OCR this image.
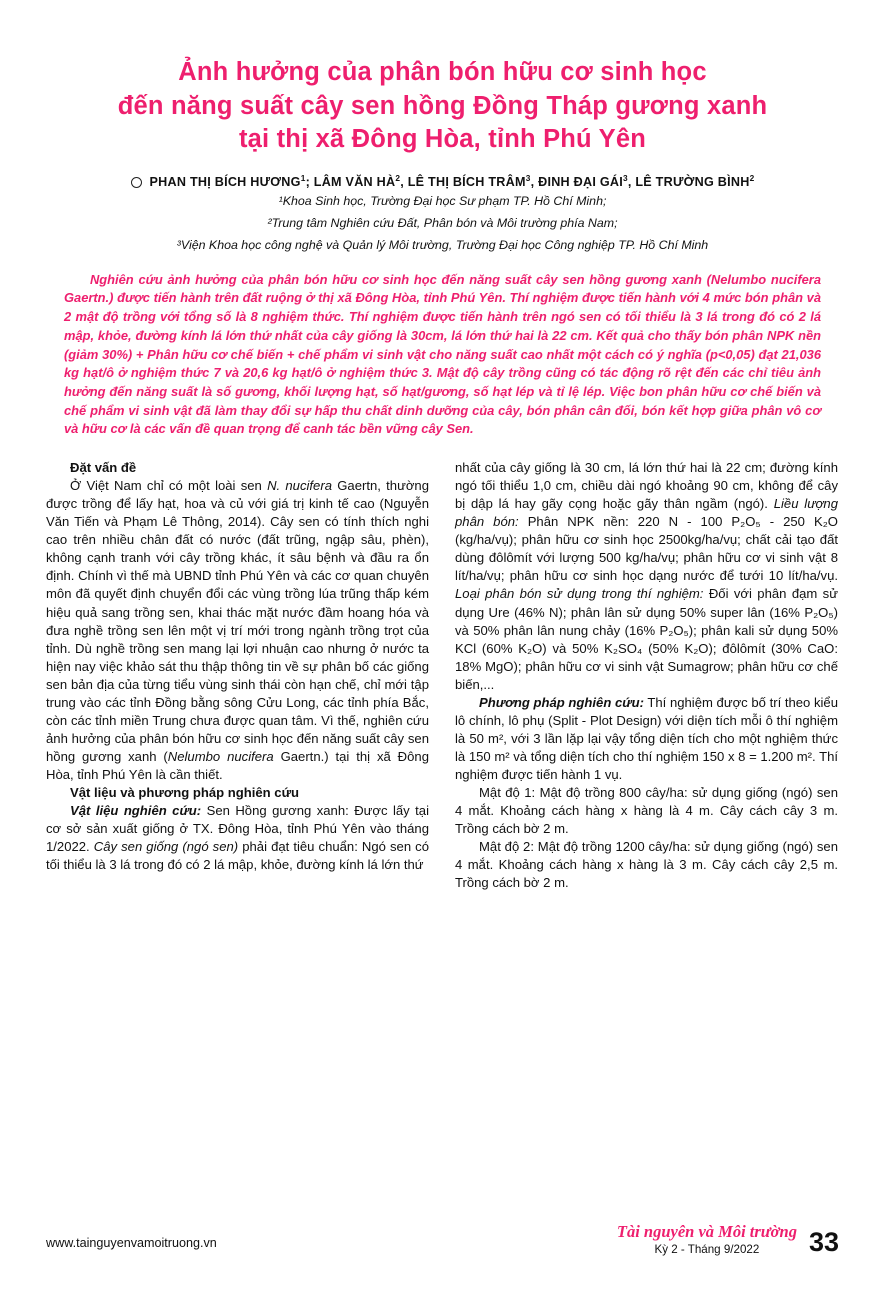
Ảnh hưởng của phân bón hữu cơ sinh học
đến năng suất cây sen hồng Đồng Tháp gương xanh
tại thị xã Đông Hòa, tỉnh Phú Yên
PHAN THỊ BÍCH HƯƠNG$^1$; LÂM VĂN $HÀ^2$, LÊ THỊ BÍCH TRÂM$^3$, ĐINH ĐẠI GÁI$^3$, LÊ TRƯỜNG BÌNH$^2$
¹Khoa Sinh học, Trường Đại học Sư phạm TP. Hồ Chí Minh;
²Trung tâm Nghiên cứu Đất, Phân bón và Môi trường phía Nam;
³Viện Khoa học công nghệ và Quản lý Môi trường, Trường Đại học Công nghiệp TP. Hồ Chí Minh
Nghiên cứu ảnh hưởng của phân bón hữu cơ sinh học đến năng suất cây sen hồng gương xanh (Nelumbo nucifera Gaertn.) được tiến hành trên đất ruộng ở thị xã Đông Hòa, tỉnh Phú Yên. Thí nghiệm được tiến hành với 4 mức bón phân và 2 mật độ trồng với tổng số là 8 nghiệm thức. Thí nghiệm được tiến hành trên ngó sen có tối thiểu là 3 lá trong đó có 2 lá mập, khỏe, đường kính lá lớn thứ nhất của cây giống là 30cm, lá lớn thứ hai là 22 cm. Kết quả cho thấy bón phân NPK nền (giảm 30%) + Phân hữu cơ chế biến + chế phẩm vi sinh vật cho năng suất cao nhất một cách có ý nghĩa (p<0,05) đạt 21,036 kg hạt/ô ở nghiệm thức 7 và 20,6 kg hạt/ô ở nghiệm thức 3. Mật độ cây trồng cũng có tác động rõ rệt đến các chỉ tiêu ảnh hưởng đến năng suất là số gương, khối lượng hạt, số hạt/gương, số hạt lép và tỉ lệ lép. Việc bon phân hữu cơ chế biến và chế phẩm vi sinh vật đã làm thay đổi sự hấp thu chất dinh dưỡng của cây, bón phân cân đối, bón kết hợp giữa phân vô cơ và hữu cơ là các vấn đề quan trọng để canh tác bền vững cây Sen.

Đặt vấn đề

Ở Việt Nam chỉ có một loài sen N. nucifera Gaertn, thường được trồng để lấy hạt, hoa và củ với giá trị kinh tế cao (Nguyễn Văn Tiến và Phạm Lê Thông, 2014). Cây sen có tính thích nghi cao trên nhiều chân đất có nước (đất trũng, ngập sâu, phèn), không cạnh tranh với cây trồng khác, ít sâu bệnh và đầu ra ổn định. Chính vì thế mà UBND tỉnh Phú Yên và các cơ quan chuyên môn đã quyết định chuyển đổi các vùng trồng lúa trũng thấp kém hiệu quả sang trồng sen, khai thác mặt nước đầm hoang hóa và đưa nghề trồng sen lên một vị trí mới trong ngành trồng trọt của tỉnh. Dù nghề trồng sen mang lại lợi nhuận cao nhưng ở nước ta hiện nay việc khảo sát thu thập thông tin về sự phân bố các giống sen bản địa của từng tiểu vùng sinh thái còn hạn chế, chỉ mới tập trung vào các tỉnh Đồng bằng sông Cửu Long, các tỉnh phía Bắc, còn các tỉnh miền Trung chưa được quan tâm. Vì thế, nghiên cứu ảnh hưởng của phân bón hữu cơ sinh học đến năng suất cây sen hồng gương xanh (Nelumbo nucifera Gaertn.) tại thị xã Đông Hòa, tỉnh Phú Yên là cần thiết.

Vật liệu và phương pháp nghiên cứu

Vật liệu nghiên cứu: Sen Hồng gương xanh: Được lấy tại cơ sở sản xuất giống ở TX. Đông Hòa, tỉnh Phú Yên vào tháng 1/2022. Cây sen giống (ngó sen) phải đạt tiêu chuẩn: Ngó sen có tối thiểu là 3 lá trong đó có 2 lá mập, khỏe, đường kính lá lớn thứ

nhất của cây giống là 30 cm, lá lớn thứ hai là 22 cm; đường kính ngó tối thiểu 1,0 cm, chiều dài ngó khoảng 90 cm, không để cây bị dập lá hay gãy cọng hoặc gãy thân ngầm (ngó). Liều lượng phân bón: Phân NPK nền: 220 N - 100 P₂O₅ - 250 K₂O (kg/ha/vụ); phân hữu cơ sinh học 2500kg/ha/vụ; chất cải tạo đất dùng đôlômít với lượng 500 kg/ha/vụ; phân hữu cơ vi sinh vật 8 lít/ha/vụ; phân hữu cơ sinh học dạng nước để tưới 10 lít/ha/vụ. Loại phân bón sử dụng trong thí nghiệm: Đối với phân đạm sử dụng Ure (46% N); phân lân sử dụng 50% super lân (16% P₂O₅) và 50% phân lân nung chảy (16% P₂O₅); phân kali sử dụng 50% KCl (60% K₂O) và 50% K₂SO₄ (50% K₂O); đôlômít (30% CaO: 18% MgO); phân hữu cơ vi sinh vật Sumagrow; phân hữu cơ chế biến,...

Phương pháp nghiên cứu: Thí nghiệm được bố trí theo kiểu lô chính, lô phụ (Split - Plot Design) với diện tích mỗi ô thí nghiệm là 50 m², với 3 lần lặp lại vậy tổng diện tích cho một nghiệm thức là 150 m² và tổng diện tích cho thí nghiệm 150 x 8 = 1.200 m². Thí nghiệm được tiến hành 1 vụ.

Mật độ 1: Mật độ trồng 800 cây/ha: sử dụng giống (ngó) sen 4 mắt. Khoảng cách hàng x hàng là 4 m. Cây cách cây 3 m. Trồng cách bờ 2 m.

Mật độ 2: Mật độ trồng 1200 cây/ha: sử dụng giống (ngó) sen 4 mắt. Khoảng cách hàng x hàng là 3 m. Cây cách cây 2,5 m. Trồng cách bờ 2 m.

www.tainguyenvamoitruong.vn
Tài nguyên và Môi trường
Kỳ 2 - Tháng 9/2022	33
